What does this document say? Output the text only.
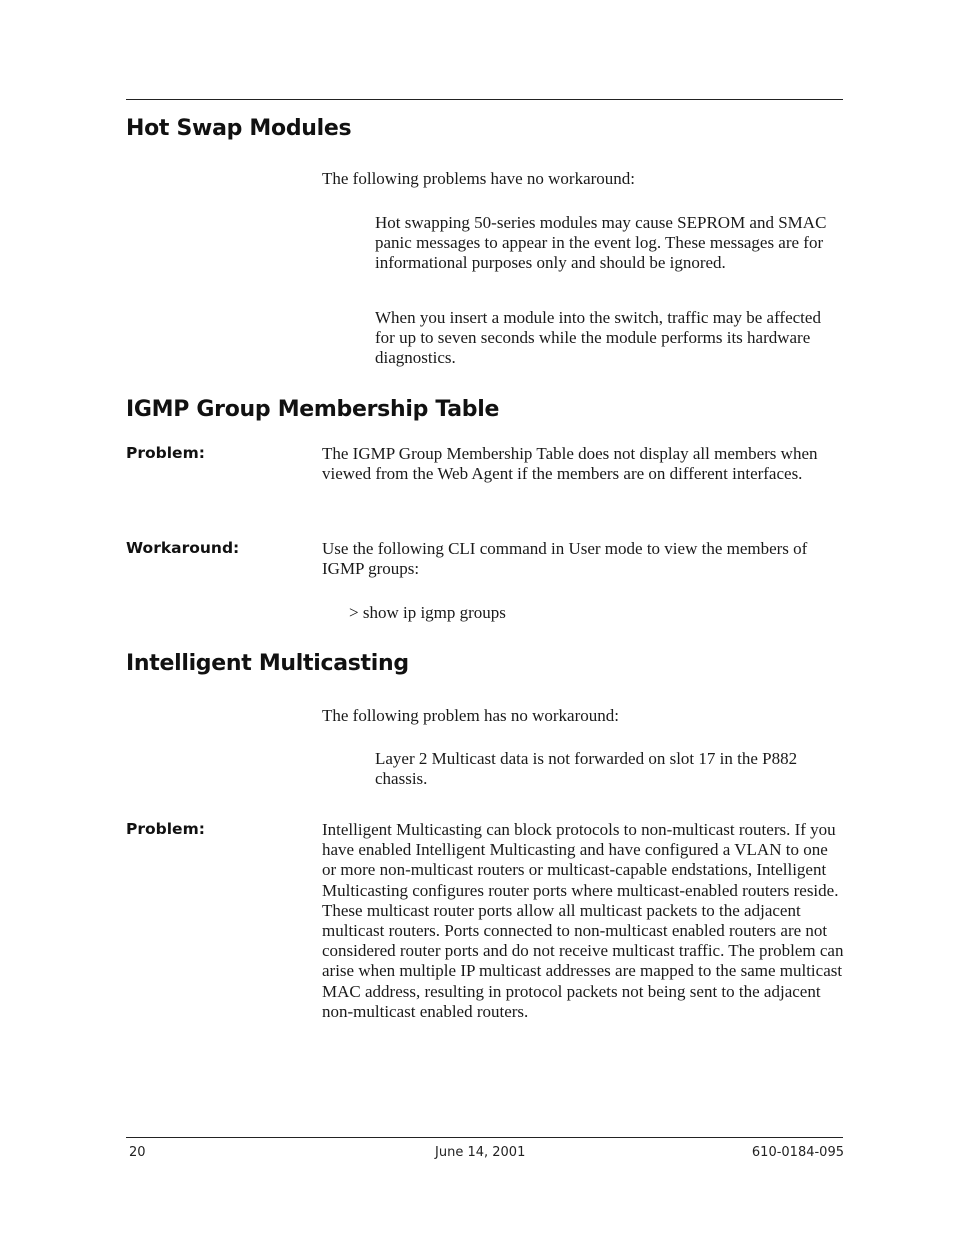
Hot Swap Modules

The following problems have no workaround:

Hot swapping 50-series modules may cause SEPROM and SMAC panic messages to appear in the event log. These messages are for informational purposes only and should be ignored.

When you insert a module into the switch, traffic may be affected for up to seven seconds while the module performs its hardware diagnostics.

IGMP Group Membership Table

Problem:	The IGMP Group Membership Table does not display all members when viewed from the Web Agent if the members are on different interfaces.

Workaround:	Use the following CLI command in User mode to view the members of IGMP groups:

> show ip igmp groups

Intelligent Multicasting

The following problem has no workaround:

Layer 2 Multicast data is not forwarded on slot 17 in the P882 chassis.

Problem:	Intelligent Multicasting can block protocols to non-multicast routers. If you have enabled Intelligent Multicasting and have configured a VLAN to one or more non-multicast routers or multicast-capable endstations, Intelligent Multicasting configures router ports where multicast-enabled routers reside. These multicast router ports allow all multicast packets to the adjacent multicast routers. Ports connected to non-multicast enabled routers are not considered router ports and do not receive multicast traffic. The problem can arise when multiple IP multicast addresses are mapped to the same multicast MAC address, resulting in protocol packets not being sent to the adjacent non-multicast enabled routers.

20	June 14, 2001	610-0184-095
